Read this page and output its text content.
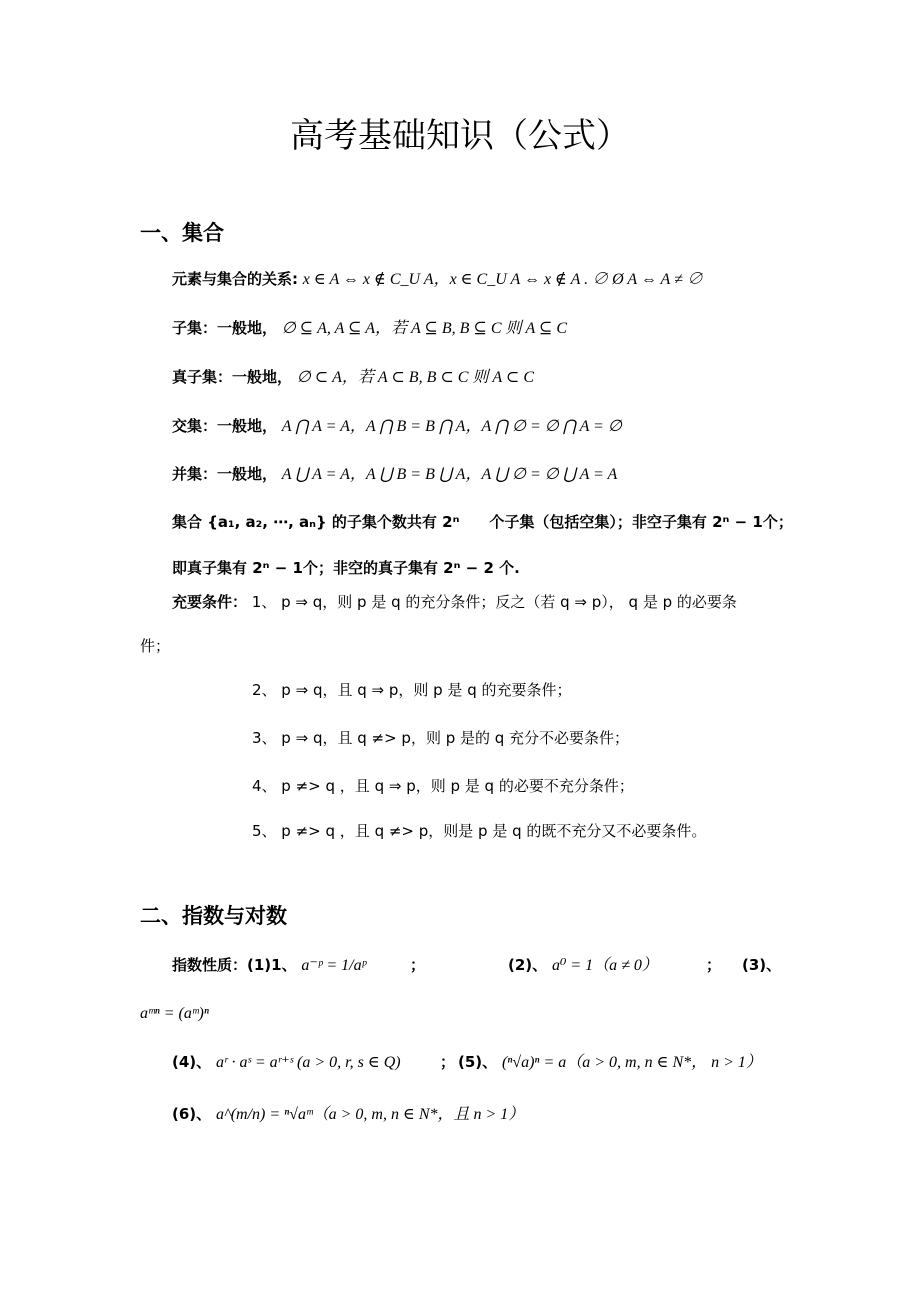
高考基础知识（公式）
一、集合
元素与集合的关系: x ∈ A ⇔ x ∉ C_U A，x ∈ C_U A ⇔ x ∉ A . ∅ Ø A ⇔ A ≠ ∅
子集：一般地， ∅ ⊆ A, A ⊆ A，若 A ⊆ B, B ⊆ C 则 A ⊆ C
真子集：一般地， ∅ ⊂ A，若 A ⊂ B, B ⊂ C 则 A ⊂ C
交集：一般地， A ⋂ A = A，A ⋂ B = B ⋂ A，A ⋂ ∅ = ∅ ⋂ A = ∅
并集：一般地， A ⋃ A = A，A ⋃ B = B ⋃ A，A ⋃ ∅ = ∅ ⋃ A = A
集合 {a₁, a₂, ⋯, aₙ} 的子集个数共有 2ⁿ　　个子集（包括空集）；非空子集有 2ⁿ − 1个；
即真子集有 2ⁿ − 1个；非空的真子集有 2ⁿ − 2 个.
充要条件： 1、 p ⇒ q，则 p 是 q 的充分条件；反之（若 q ⇒ p）， q 是 p 的必要条
件；
2、 p ⇒ q，且 q ⇒ p，则 p 是 q 的充要条件；
3、 p ⇒ q，且 q ≠> p，则 p 是的 q 充分不必要条件；
4、 p ≠> q ，且 q ⇒ p，则 p 是 q 的必要不充分条件；
5、 p ≠> q ，且 q ≠> p，则是 p 是 q 的既不充分又不必要条件。
二、指数与对数
指数性质：(1)1、 a⁻ᵖ = 1/aᵖ	；	(2)、 a⁰ = 1（a ≠ 0）	； (3)、
aᵐⁿ = (aᵐ)ⁿ
(4)、 aʳ · aˢ = aʳ⁺ˢ (a > 0, r, s ∈ Q)	； (5)、 (ⁿ√a)ⁿ = a（a > 0, m, n ∈ N*， n > 1）
(6)、 a^(m/n) = ⁿ√aᵐ（a > 0, m, n ∈ N*，且 n > 1）
